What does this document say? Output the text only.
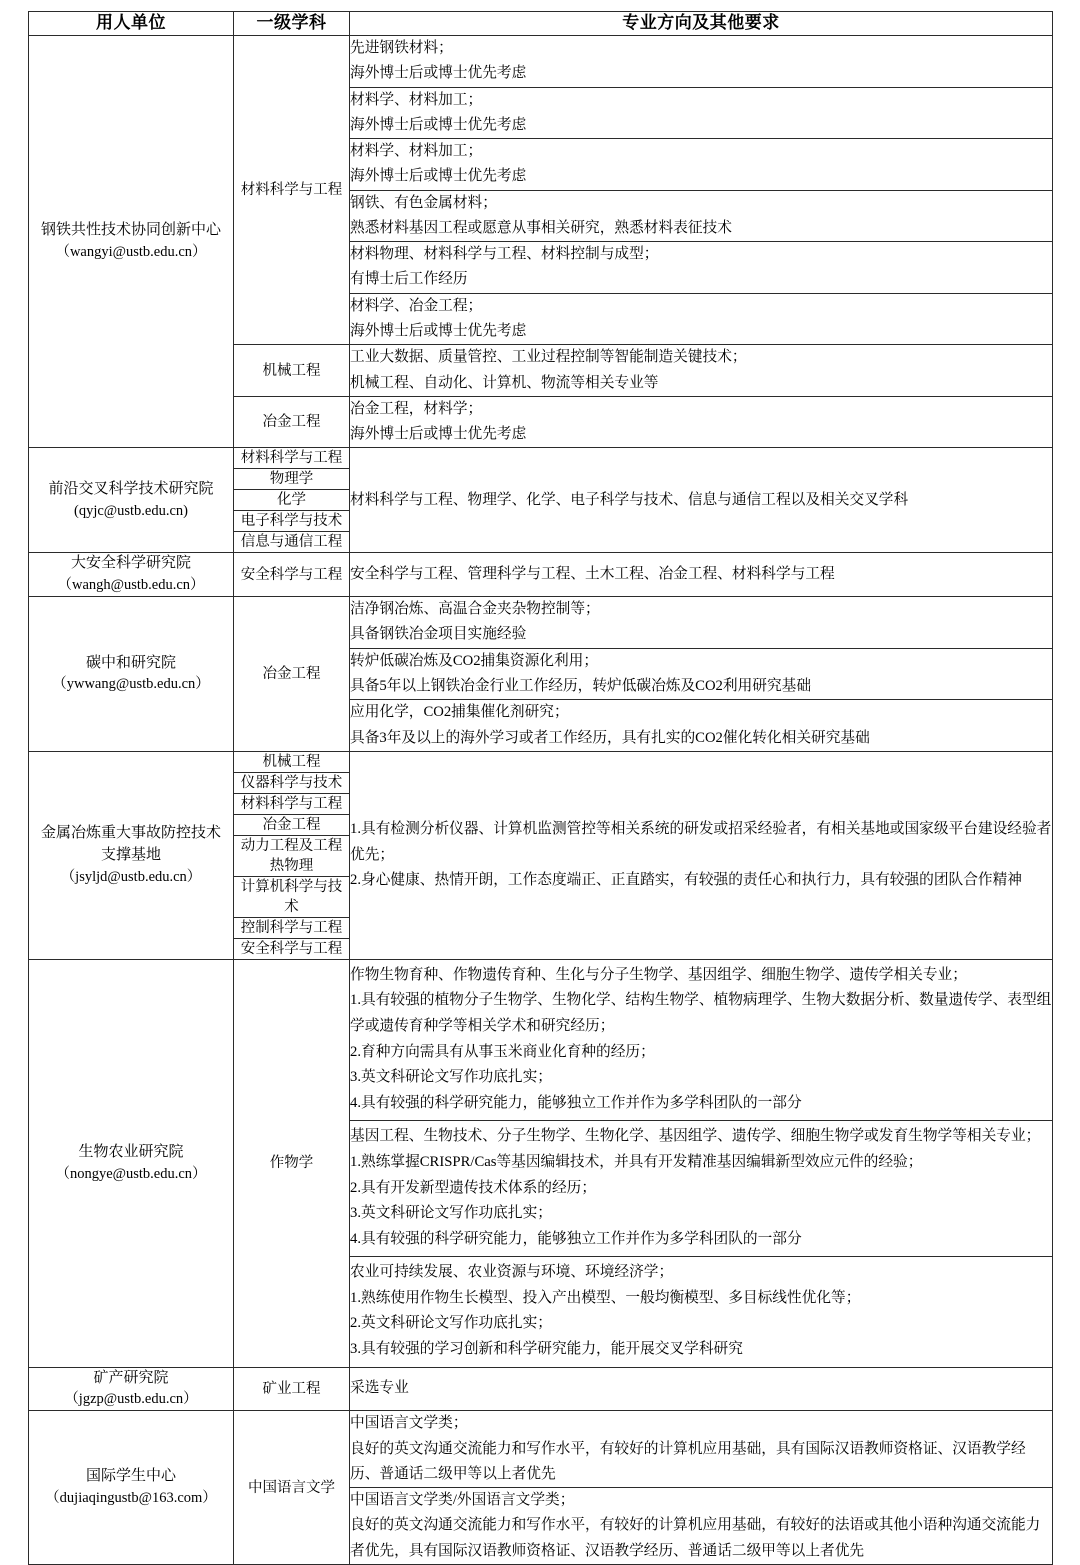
用人单位	一级学科	专业方向及其他要求

钢铁共性技术协同创新中心
（wangyi@ustb.edu.cn）	材料科学与工程	先进钢铁材料；
海外博士后或博士优先考虑

		材料学、材料加工；
海外博士后或博士优先考虑

		材料学、材料加工；
海外博士后或博士优先考虑

		钢铁、有色金属材料；
熟悉材料基因工程或愿意从事相关研究，熟悉材料表征技术

		材料物理、材料科学与工程、材料控制与成型；
有博士后工作经历

		材料学、冶金工程；
海外博士后或博士优先考虑

	机械工程	工业大数据、质量管控、工业过程控制等智能制造关键技术；
机械工程、自动化、计算机、物流等相关专业等

	冶金工程	冶金工程，材料学；
海外博士后或博士优先考虑

前沿交叉科学技术研究院
(qyjc@ustb.edu.cn)	材料科学与工程	材料科学与工程、物理学、化学、电子科学与技术、信息与通信工程以及相关交叉学科

	物理学	
	化学	
	电子科学与技术	
	信息与通信工程	

大安全科学研究院
（wangh@ustb.edu.cn）	安全科学与工程	安全科学与工程、管理科学与工程、土木工程、冶金工程、材料科学与工程

碳中和研究院
（ywwang@ustb.edu.cn）	冶金工程	洁净钢冶炼、高温合金夹杂物控制等；
具备钢铁冶金项目实施经验

		转炉低碳冶炼及CO2捕集资源化利用；
具备5年以上钢铁冶金行业工作经历，转炉低碳冶炼及CO2利用研究基础

		应用化学，CO2捕集催化剂研究；
具备3年及以上的海外学习或者工作经历，具有扎实的CO2催化转化相关研究基础

金属冶炼重大事故防控技术
支撑基地
（jsyljd@ustb.edu.cn）	机械工程	1.具有检测分析仪器、计算机监测管控等相关系统的研发或招采经验者，有相关基地或国家级平台建设经验者优先；
2.身心健康、热情开朗，工作态度端正、正直踏实，有较强的责任心和执行力，具有较强的团队合作精神

	仪器科学与技术	
	材料科学与工程	
	冶金工程	
	动力工程及工程热物理	
	计算机科学与技术	
	控制科学与工程	
	安全科学与工程	

生物农业研究院
（nongye@ustb.edu.cn）	作物学	作物生物育种、作物遗传育种、生化与分子生物学、基因组学、细胞生物学、遗传学相关专业；
1.具有较强的植物分子生物学、生物化学、结构生物学、植物病理学、生物大数据分析、数量遗传学、表型组学或遗传育种学等相关学术和研究经历；
2.育种方向需具有从事玉米商业化育种的经历；
3.英文科研论文写作功底扎实；
4.具有较强的科学研究能力，能够独立工作并作为多学科团队的一部分

		基因工程、生物技术、分子生物学、生物化学、基因组学、遗传学、细胞生物学或发育生物学等相关专业；
1.熟练掌握CRISPR/Cas等基因编辑技术，并具有开发精准基因编辑新型效应元件的经验；
2.具有开发新型遗传技术体系的经历；
3.英文科研论文写作功底扎实；
4.具有较强的科学研究能力，能够独立工作并作为多学科团队的一部分

		农业可持续发展、农业资源与环境、环境经济学；
1.熟练使用作物生长模型、投入产出模型、一般均衡模型、多目标线性优化等；
2.英文科研论文写作功底扎实；
3.具有较强的学习创新和科学研究能力，能开展交叉学科研究

矿产研究院
（jgzp@ustb.edu.cn）	矿业工程	采选专业

国际学生中心
（dujiaqingustb@163.com）	中国语言文学	中国语言文学类；
良好的英文沟通交流能力和写作水平，有较好的计算机应用基础，具有国际汉语教师资格证、汉语教学经历、普通话二级甲等以上者优先

		中国语言文学类/外国语言文学类；
良好的英文沟通交流能力和写作水平，有较好的计算机应用基础，有较好的法语或其他小语种沟通交流能力者优先，具有国际汉语教师资格证、汉语教学经历、普通话二级甲等以上者优先
